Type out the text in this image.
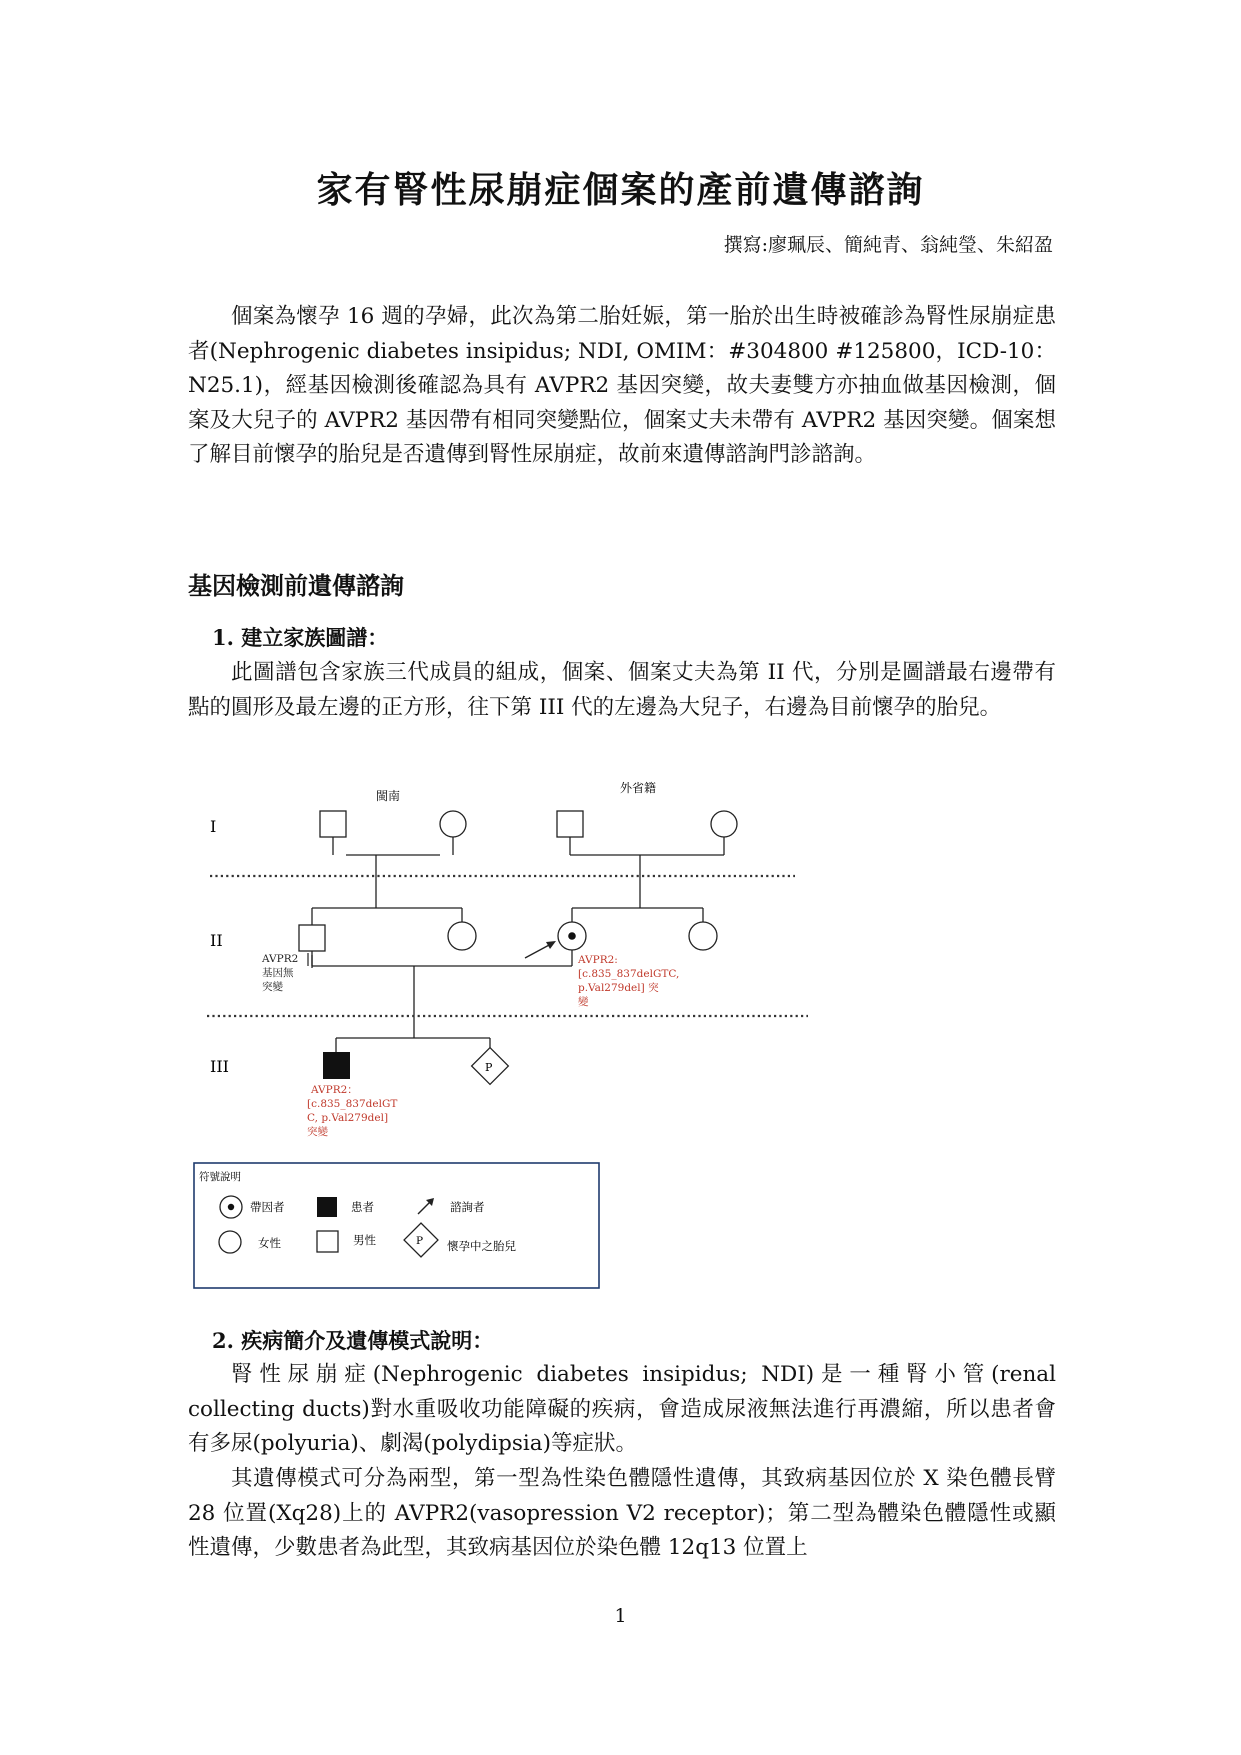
家有腎性尿崩症個案的產前遺傳諮詢
撰寫:廖珮辰、簡純青、翁純瑩、朱紹盈

個案為懷孕 16 週的孕婦，此次為第二胎妊娠，第一胎於出生時被確診為腎性尿崩症患者(Nephrogenic diabetes insipidus; NDI, OMIM：#304800 #125800，ICD-10：N25.1)，經基因檢測後確認為具有 AVPR2 基因突變，故夫妻雙方亦抽血做基因檢測，個案及大兒子的 AVPR2 基因帶有相同突變點位，個案丈夫未帶有 AVPR2 基因突變。個案想了解目前懷孕的胎兒是否遺傳到腎性尿崩症，故前來遺傳諮詢門診諮詢。

基因檢測前遺傳諮詢
1. 建立家族圖譜：

此圖譜包含家族三代成員的組成，個案、個案丈夫為第 II 代，分別是圖譜最右邊帶有點的圓形及最左邊的正方形，往下第 III 代的左邊為大兒子，右邊為目前懷孕的胎兒。

I
II
III
閩南
外省籍
AVPR2
基因無
突變
AVPR2:
[c.835_837delGTC,
p.Val279del] 突
變
AVPR2：
[c.835_837delGT
C, p.Val279del]
突變
P
符號說明
帶因者	患者	諮詢者
女性	男性	P 懷孕中之胎兒
2. 疾病簡介及遺傳模式說明：

腎性尿崩症(Nephrogenic diabetes insipidus; NDI)是一種腎小管(renal collecting ducts)對水重吸收功能障礙的疾病，會造成尿液無法進行再濃縮，所以患者會有多尿(polyuria)、劇渴(polydipsia)等症狀。

其遺傳模式可分為兩型，第一型為性染色體隱性遺傳，其致病基因位於 X 染色體長臂 28 位置(Xq28)上的 AVPR2(vasopression V2 receptor)；第二型為體染色體隱性或顯性遺傳，少數患者為此型，其致病基因位於染色體 12q13 位置上

1
